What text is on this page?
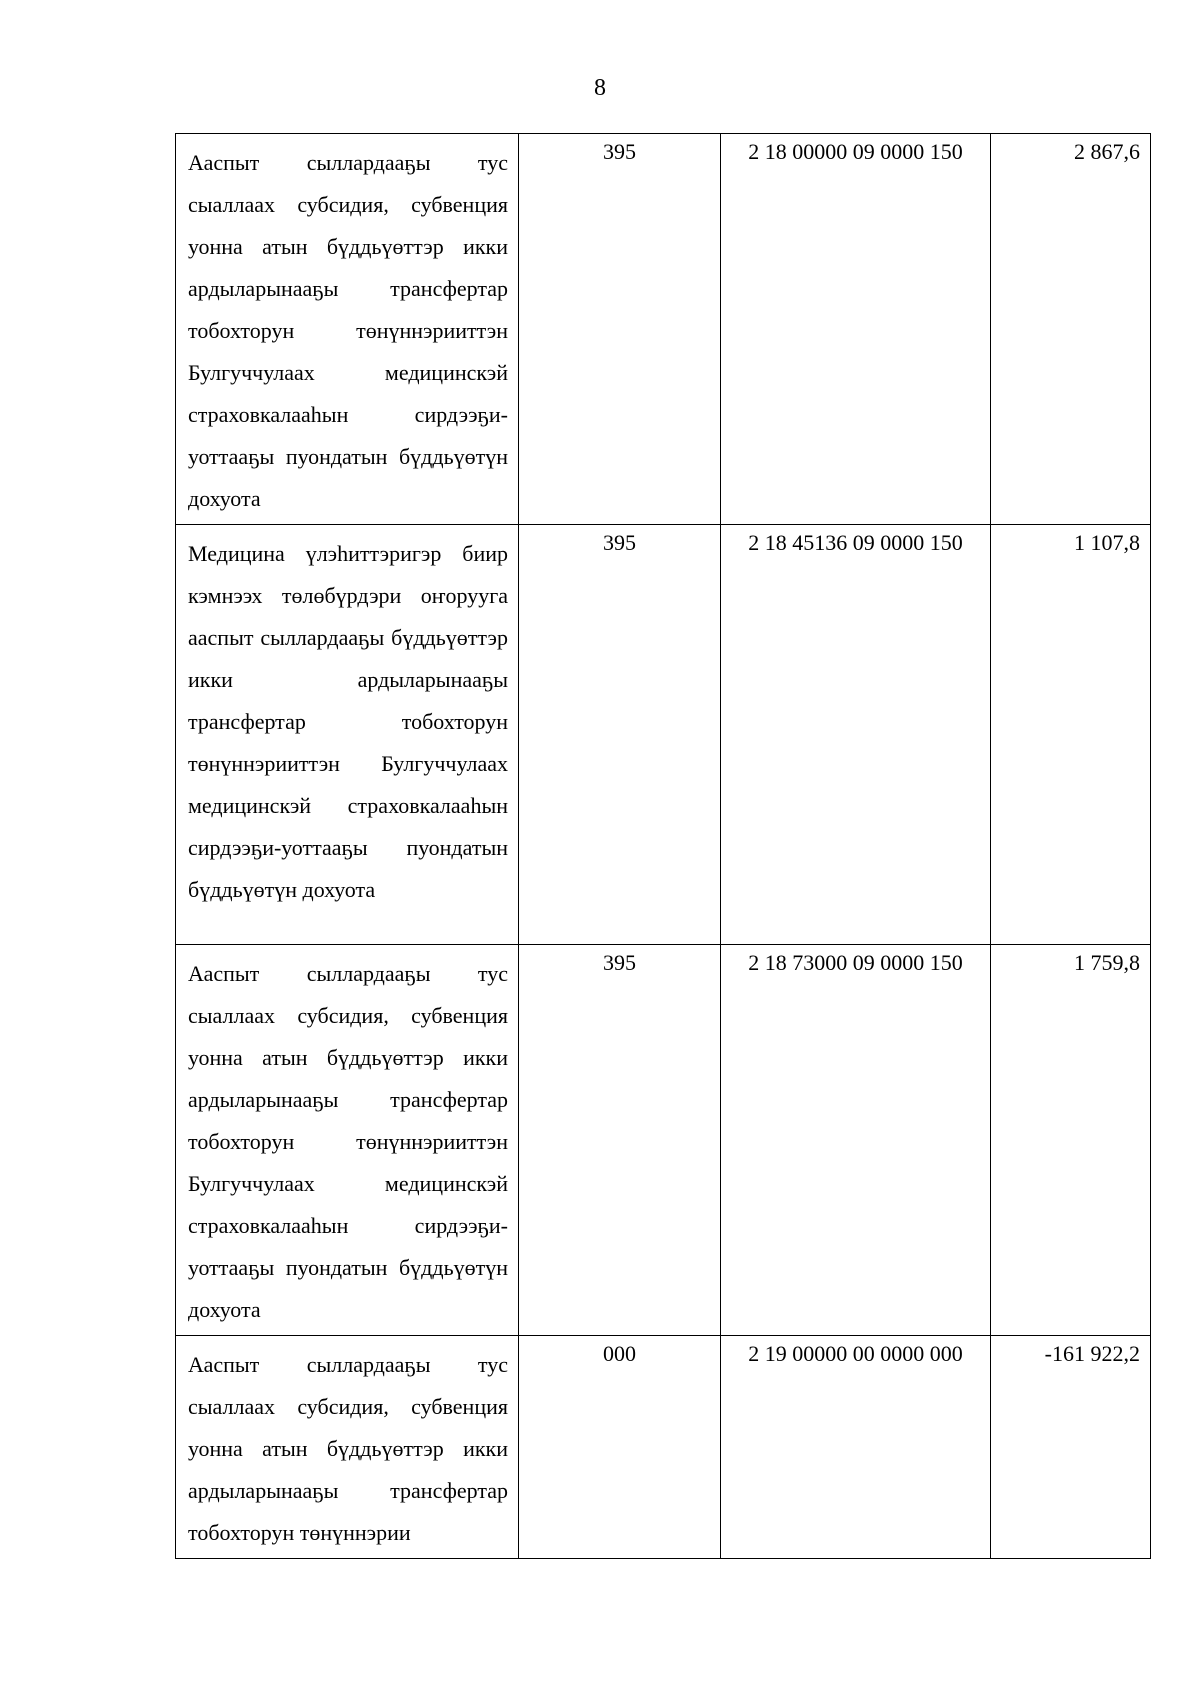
8
Ааспыт сыллардааҕы тус сыаллаах субсидия, субвенция уонна атын бүддьүөттэр икки ардыларынааҕы трансфертар тобохторун төнүннэрииттэн Булгуччулаах медицинскэй страховкалааһын сирдээҕи-уоттааҕы пуондатын бүддьүөтүн дохуота	395	2 18 00000 09 0000 150	2 867,6
Медицина үлэһиттэригэр биир кэмнээх төлөбүрдэри оҥорууга ааспыт сыллардааҕы бүддьүөттэр икки ардыларынааҕы трансфертар тобохторун төнүннэрииттэн Булгуччулаах медицинскэй страховкалааһын сирдээҕи-уоттааҕы пуондатын бүддьүөтүн дохуота	395	2 18 45136 09 0000 150	1 107,8
Ааспыт сыллардааҕы тус сыаллаах субсидия, субвенция уонна атын бүддьүөттэр икки ардыларынааҕы трансфертар тобохторун төнүннэрииттэн Булгуччулаах медицинскэй страховкалааһын сирдээҕи-уоттааҕы пуондатын бүддьүөтүн дохуота	395	2 18 73000 09 0000 150	1 759,8
Ааспыт сыллардааҕы тус сыаллаах субсидия, субвенция уонна атын бүддьүөттэр икки ардыларынааҕы трансфертар тобохторун төнүннэрии	000	2 19 00000 00 0000 000	-161 922,2
